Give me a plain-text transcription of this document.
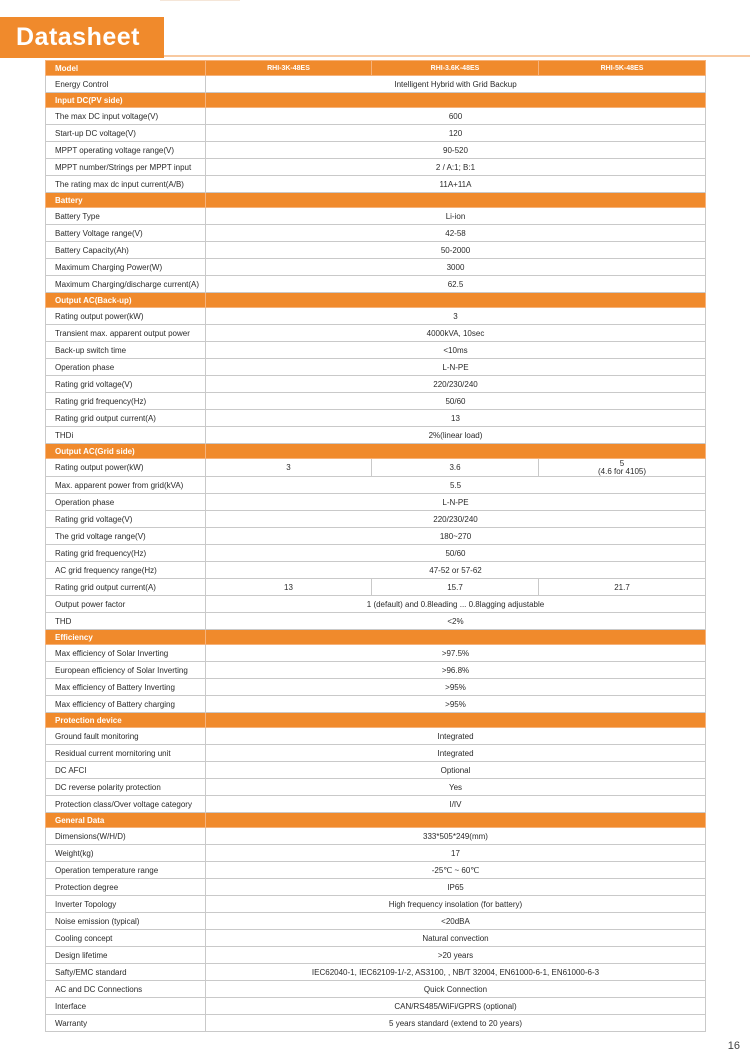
Datasheet
Model	RHI-3K-48ES	RHI-3.6K-48ES	RHI-5K-48ES
Energy Control	Intelligent Hybrid with Grid Backup		
Input DC(PV side)			
The max DC input voltage(V)	600		
Start-up DC voltage(V)	120		
MPPT operating voltage range(V)	90-520		
MPPT number/Strings per MPPT input	2 / A:1; B:1		
The rating max dc input current(A/B)	11A+11A		
Battery			
Battery Type	Li-ion		
Battery Voltage range(V)	42-58		
Battery Capacity(Ah)	50-2000		
Maximum Charging Power(W)	3000		
Maximum Charging/discharge current(A)	62.5		
Output AC(Back-up)			
Rating output power(kW)	3		
Transient max. apparent output power	4000kVA, 10sec		
Back-up switch time	<10ms		
Operation phase	L-N-PE		
Rating grid voltage(V)	220/230/240		
Rating grid frequency(Hz)	50/60		
Rating grid output current(A)	13		
THDi	2%(linear load)		
Output AC(Grid side)			
Rating output power(kW)	3	3.6	5
(4.6 for 4105)
Max. apparent power from grid(kVA)	5.5		
Operation phase	L-N-PE		
Rating grid voltage(V)	220/230/240		
The grid voltage range(V)	180~270		
Rating grid frequency(Hz)	50/60		
AC grid frequency range(Hz)	47-52 or 57-62		
Rating grid output current(A)	13	15.7	21.7
Output power factor	1 (default) and 0.8leading ... 0.8lagging adjustable		
THD	<2%		
Efficiency			
Max efficiency of Solar Inverting	>97.5%		
European efficiency of Solar Inverting	>96.8%		
Max efficiency of Battery Inverting	>95%		
Max efficiency of Battery charging	>95%		
Protection device			
Ground fault monitoring	Integrated		
Residual current mornitoring unit	Integrated		
DC AFCI	Optional		
DC reverse polarity protection	Yes		
Protection class/Over voltage category	I/IV		
General Data			
Dimensions(W/H/D)	333*505*249(mm)		
Weight(kg)	17		
Operation temperature range	-25℃ ~ 60℃		
Protection degree	IP65		
Inverter Topology	High frequency insolation (for battery)		
Noise emission (typical)	<20dBA		
Cooling concept	Natural convection		
Design lifetime	>20 years		
Safty/EMC standard	IEC62040-1, IEC62109-1/-2, AS3100, , NB/T 32004, EN61000-6-1, EN61000-6-3		
AC and DC Connections	Quick Connection		
Interface	CAN/RS485/WiFi/GPRS (optional)		
Warranty	5 years standard (extend to 20 years)		
16
